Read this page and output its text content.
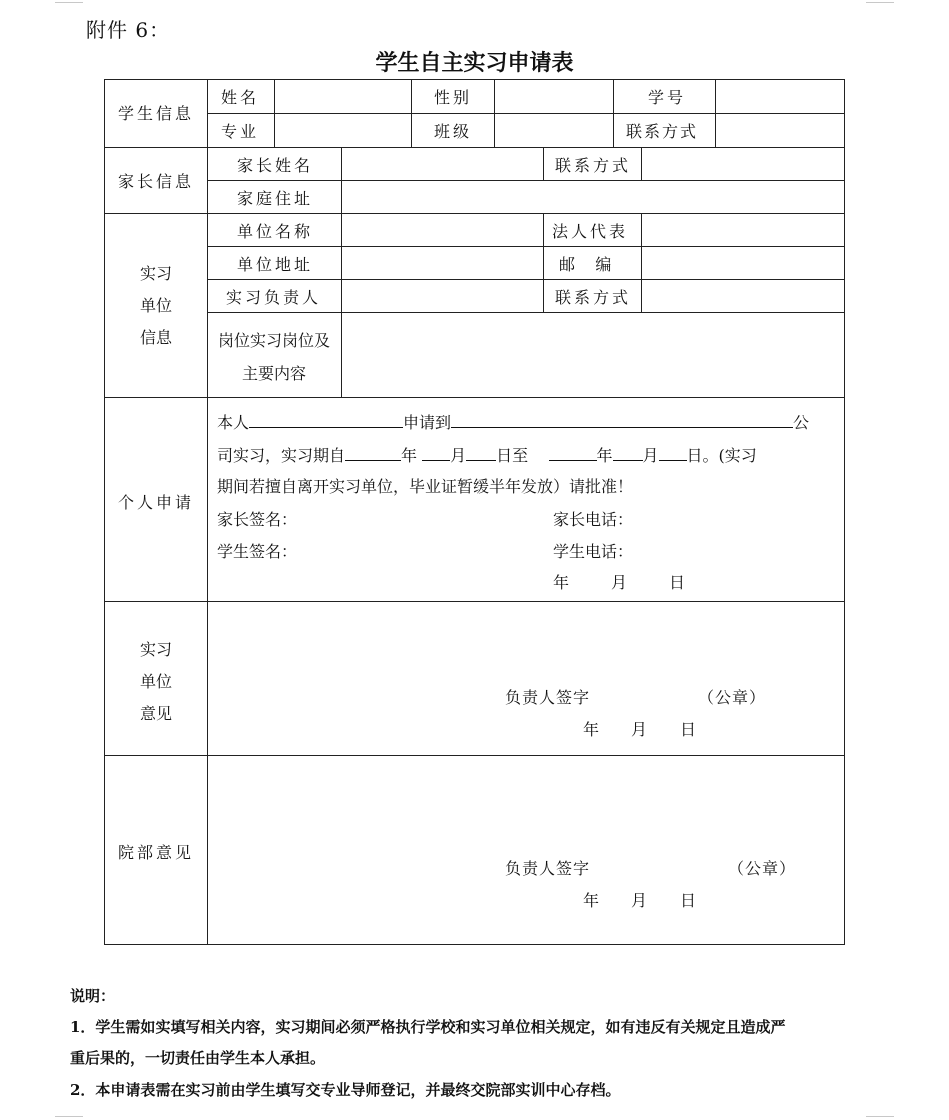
附件 6：
学生自主实习申请表
学生信息
姓名	性别	学号
专业	班级	联系方式
家长信息
家长姓名	联系方式
家庭住址
实习
单位
信息
单位名称	法人代表
单位地址	邮    编
实习负责人	联系方式
岗位实习岗位及
主要内容
个人申请
本人	申请到	公
司实习，实习期自	年 月 日至	年 月 日。(实习
期间若擅自离开实习单位，毕业证暂缓半年发放）请批准！
家长签名：	家长电话：
学生签名：	学生电话：
年	月	日
实习
单位
意见
负责人签字	（公章）
年 月 日
院部意见
负责人签字	（公章）
年 月 日
说明：
1．学生需如实填写相关内容，实习期间必须严格执行学校和实习单位相关规定，如有违反有关规定且造成严
重后果的，一切责任由学生本人承担。
2．本申请表需在实习前由学生填写交专业导师登记，并最终交院部实训中心存档。
